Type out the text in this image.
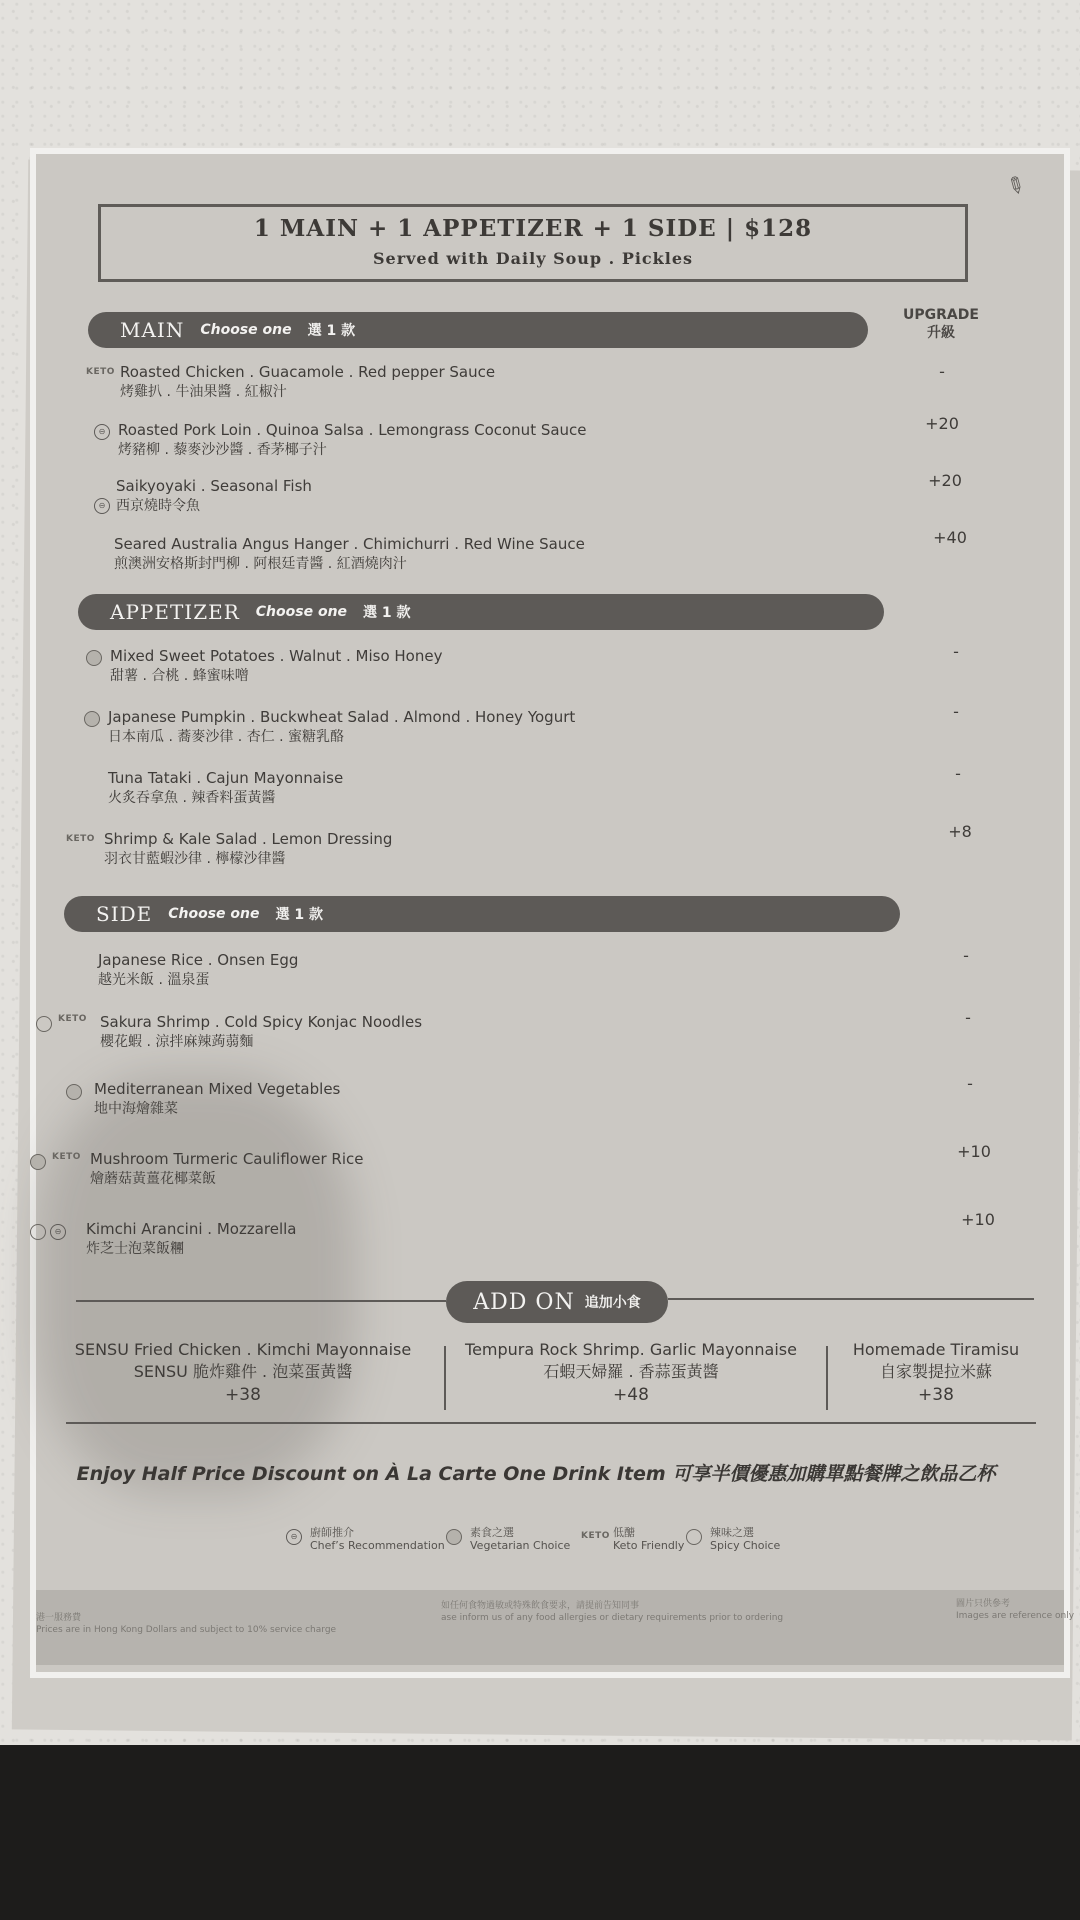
✎
1 MAIN + 1 APPETIZER + 1 SIDE | $128
Served with Daily Soup . Pickles
UPGRADE
升級
MAIN Choose one 選 1 款
KETO Roasted Chicken . Guacamole . Red pepper Sauce
烤雞扒 . 牛油果醬 . 紅椒汁
-
⊖ Roasted Pork Loin . Quinoa Salsa . Lemongrass Coconut Sauce
烤豬柳 . 藜麥沙沙醬 . 香茅椰子汁
+20
⊖
Saikyoyaki . Seasonal Fish
西京燒時令魚
+20
Seared Australia Angus Hanger . Chimichurri . Red Wine Sauce
煎澳洲安格斯封門柳 . 阿根廷青醬 . 紅酒燒肉汁
+40
APPETIZER Choose one 選 1 款
Mixed Sweet Potatoes . Walnut . Miso Honey
甜薯 . 合桃 . 蜂蜜味噌
-
Japanese Pumpkin . Buckwheat Salad . Almond . Honey Yogurt
日本南瓜 . 蕎麥沙律 . 杏仁 . 蜜糖乳酪
-
Tuna Tataki . Cajun Mayonnaise
火炙吞拿魚 . 辣香料蛋黃醬
-
KETO Shrimp & Kale Salad . Lemon Dressing
羽衣甘藍蝦沙律 . 檸檬沙律醬
+8
SIDE Choose one 選 1 款
Japanese Rice . Onsen Egg
越光米飯 . 溫泉蛋
-
KETO Sakura Shrimp . Cold Spicy Konjac Noodles
櫻花蝦 . 涼拌麻辣蒟蒻麵
-
Mediterranean Mixed Vegetables
地中海燴雜菜
-
KETO Mushroom Turmeric Cauliflower Rice
燴蘑菇黃薑花椰菜飯
+10
⊖	Kimchi Arancini . Mozzarella
炸芝士泡菜飯糰
+10
ADD ON 追加小食
SENSU Fried Chicken . Kimchi Mayonnaise
SENSU 脆炸雞件 . 泡菜蛋黃醬
+38
Tempura Rock Shrimp. Garlic Mayonnaise
石蝦天婦羅 . 香蒜蛋黃醬
+48
Homemade Tiramisu
自家製提拉米蘇
+38
Enjoy Half Price Discount on À La Carte One Drink Item 可享半價優惠加購單點餐牌之飲品乙杯
⊖	廚師推介
Chef’s Recommendation
素食之選
Vegetarian Choice
KETO 低醣
Keto Friendly
辣味之選
Spicy Choice
港一服務費
Prices are in Hong Kong Dollars and subject to 10% service charge
如任何食物過敏或特殊飲食要求，請提前告知同事
ase inform us of any food allergies or dietary requirements prior to ordering
圖片只供參考
Images are reference only
